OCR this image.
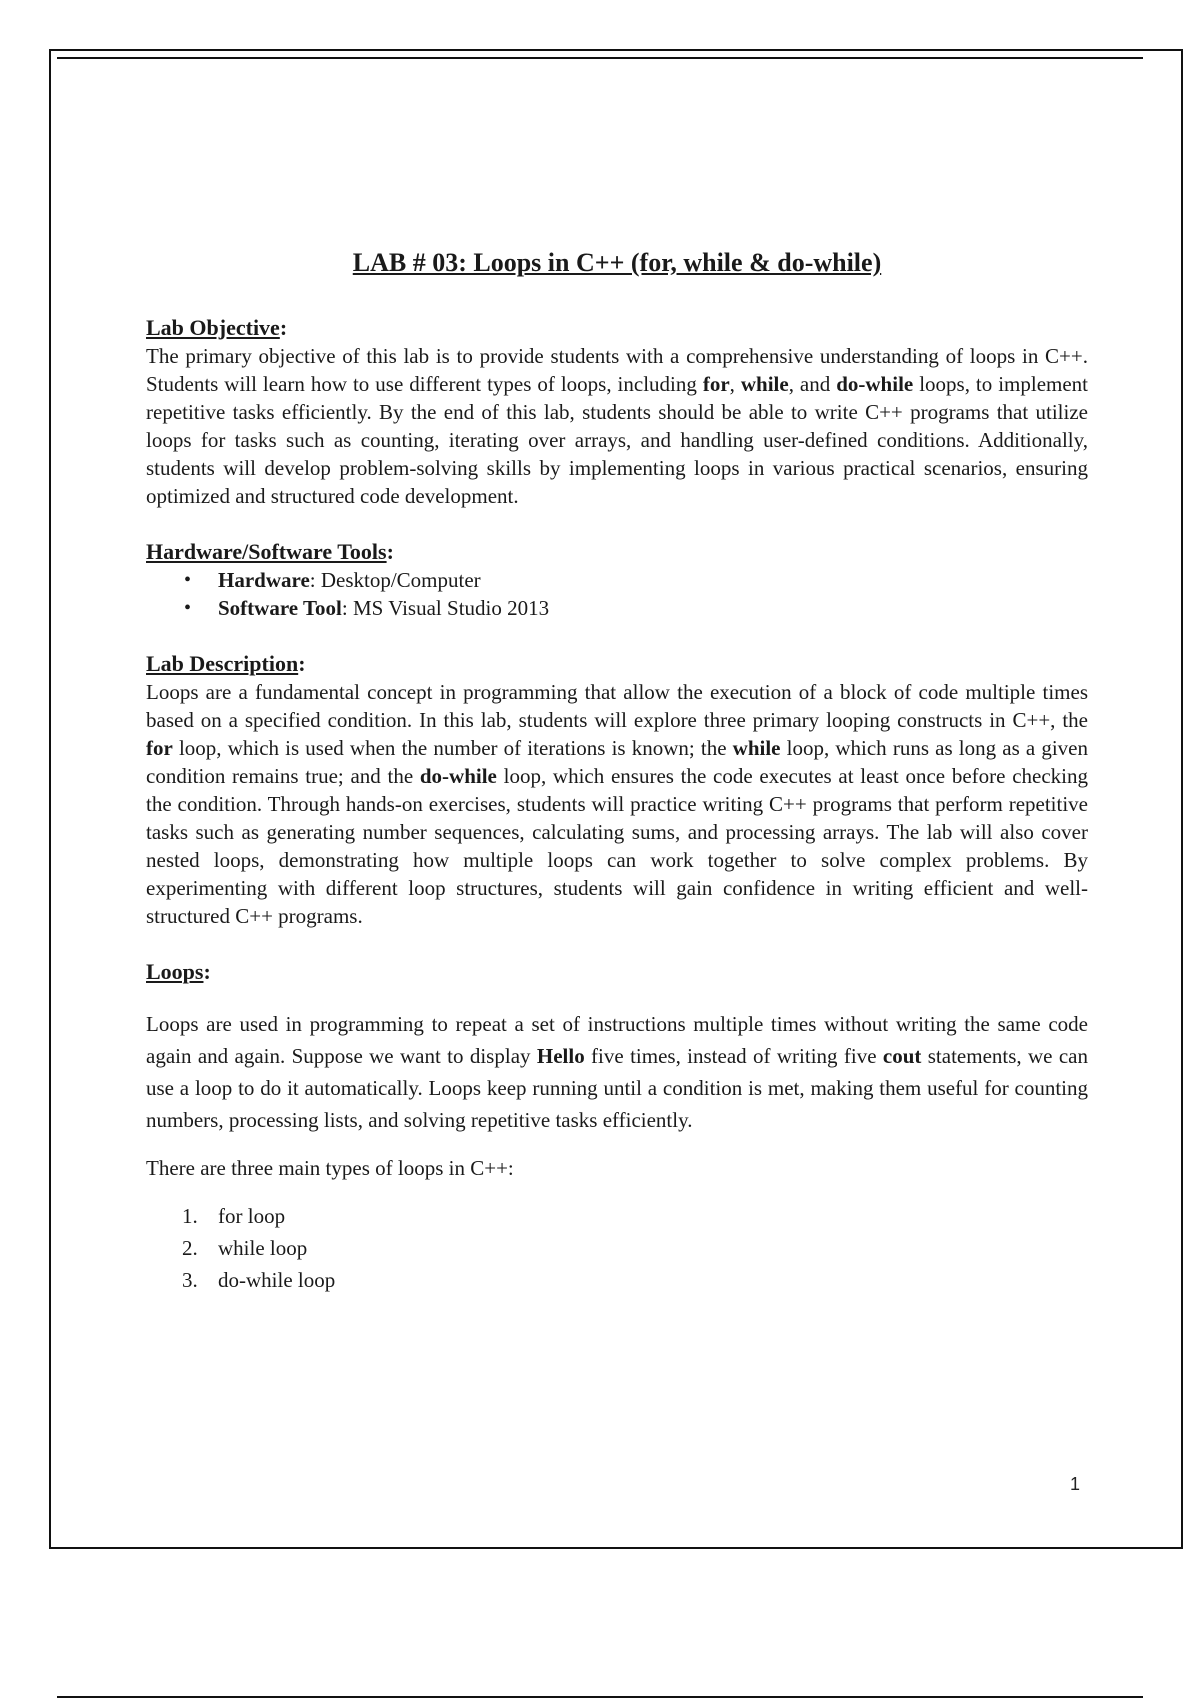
LAB # 03: Loops in C++ (for, while & do-while)

Lab Objective:

The primary objective of this lab is to provide students with a comprehensive understanding of loops in C++. Students will learn how to use different types of loops, including for, while, and do-while loops, to implement repetitive tasks efficiently. By the end of this lab, students should be able to write C++ programs that utilize loops for tasks such as counting, iterating over arrays, and handling user-defined conditions. Additionally, students will develop problem-solving skills by implementing loops in various practical scenarios, ensuring optimized and structured code development.

Hardware/Software Tools:

• Hardware: Desktop/Computer
• Software Tool: MS Visual Studio 2013

Lab Description:

Loops are a fundamental concept in programming that allow the execution of a block of code multiple times based on a specified condition. In this lab, students will explore three primary looping constructs in C++, the for loop, which is used when the number of iterations is known; the while loop, which runs as long as a given condition remains true; and the do-while loop, which ensures the code executes at least once before checking the condition. Through hands-on exercises, students will practice writing C++ programs that perform repetitive tasks such as generating number sequences, calculating sums, and processing arrays. The lab will also cover nested loops, demonstrating how multiple loops can work together to solve complex problems. By experimenting with different loop structures, students will gain confidence in writing efficient and well-structured C++ programs.

Loops:

Loops are used in programming to repeat a set of instructions multiple times without writing the same code again and again. Suppose we want to display Hello five times, instead of writing five cout statements, we can use a loop to do it automatically. Loops keep running until a condition is met, making them useful for counting numbers, processing lists, and solving repetitive tasks efficiently.

There are three main types of loops in C++:

1. for loop
2. while loop
3. do-while loop
1
